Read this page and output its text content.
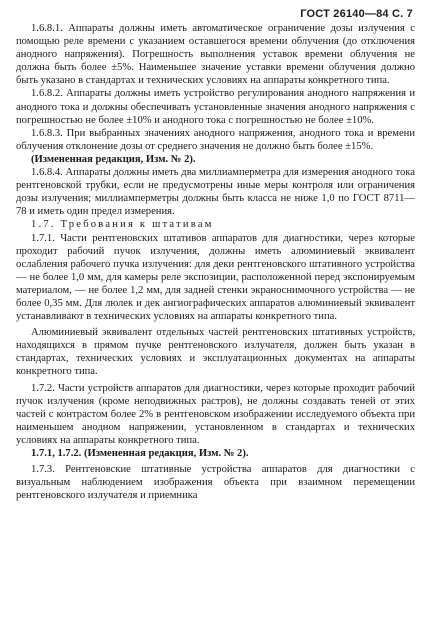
ГОСТ 26140—84 С. 7

1.6.8.1. Аппараты должны иметь автоматическое ограничение дозы излучения с помощью реле времени с указанием оставшегося времени облучения (до отключения анодного напряжения). Погрешность выполнения уставок времени облучения не должна быть более ±5%. Наименьшее значение уставки времени облучения должно быть указано в стандартах и технических условиях на аппараты конкретного типа.

1.6.8.2. Аппараты должны иметь устройство регулирования анодного напряжения и анодного тока и должны обеспечивать установленные значения анодного напряжения с погрешностью не более ±10% и анодного тока с погрешностью не более ±10%.

1.6.8.3. При выбранных значениях анодного напряжения, анодного тока и времени облучения отклонение дозы от среднего значения не должно быть более ±15%.

(Измененная редакция, Изм. № 2).

1.6.8.4. Аппараты должны иметь два миллиамперметра для измерения анодного тока рентгеновской трубки, если не предусмотрены иные меры контроля или ограничения дозы излучения; миллиамперметры должны быть класса не ниже 1,0 по ГОСТ 8711—78 и иметь один предел измерения.

1.7. Требования к штативам

1.7.1. Части рентгеновских штативов аппаратов для диагностики, через которые проходит рабочий пучок излучения, должны иметь алюминиевый эквивалент ослабления рабочего пучка излучения: для деки рентгеновского штативного устройства — не более 1,0 мм, для камеры реле экспозиции, расположенной перед экспонируемым материалом, — не более 1,2 мм, для задней стенки экраноснимочного устройства — не более 0,35 мм. Для люлек и дек ангиографических аппаратов алюминиевый эквивалент устанавливают в технических условиях на аппараты конкретного типа.

Алюминиевый эквивалент отдельных частей рентгеновских штативных устройств, находящихся в прямом пучке рентгеновского излучателя, должен быть указан в стандартах, технических условиях и эксплуатационных документах на аппараты конкретного типа.

1.7.2. Части устройств аппаратов для диагностики, через которые проходит рабочий пучок излучения (кроме неподвижных растров), не должны создавать теней от этих частей с контрастом более 2% в рентгеновском изображении исследуемого объекта при наименьшем анодном напряжении, установленном в стандартах и технических условиях на аппараты конкретного типа.

1.7.1, 1.7.2. (Измененная редакция, Изм. № 2).

1.7.3. Рентгеновские штативные устройства аппаратов для диагностики с визуальным наблюдением изображения объекта при взаимном перемещении рентгеновского излучателя и приемника
